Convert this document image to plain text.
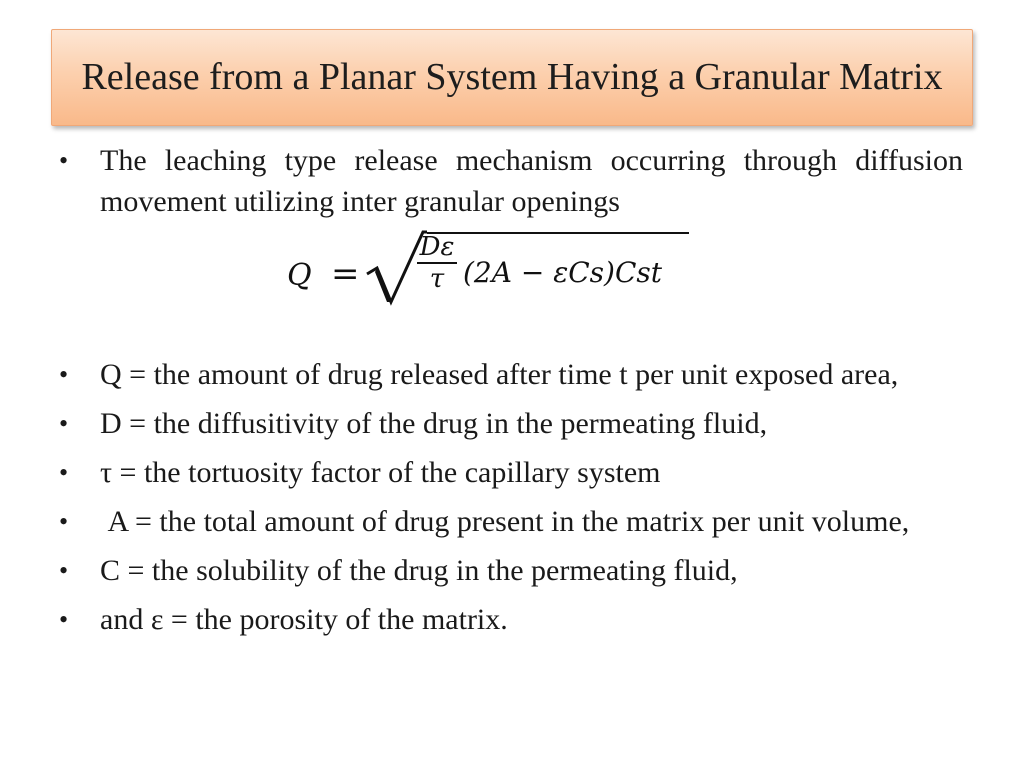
Release from a Planar System Having a Granular Matrix
• The leaching type release mechanism occurring through diffusion movement utilizing inter granular openings
Q =
Dε
τ (2A − εCs)Cst
• Q = the amount of drug released after time t per unit exposed area,
• D = the diffusitivity of the drug in the permeating fluid,
• τ = the tortuosity factor of the capillary system
• A = the total amount of drug present in the matrix per unit volume,
• C = the solubility of the drug in the permeating fluid,
• and ε = the porosity of the matrix.
